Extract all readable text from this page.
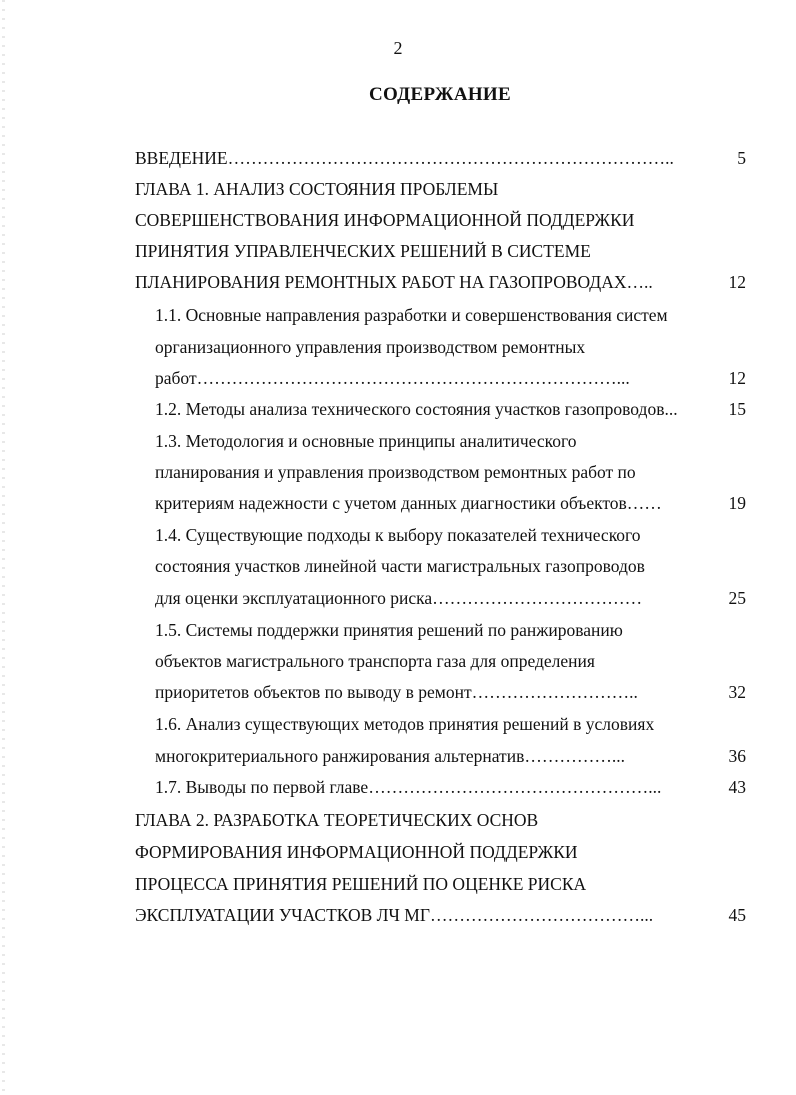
2
СОДЕРЖАНИЕ
ВВЕДЕНИЕ…………………………………………………………………..	5
ГЛАВА 1. АНАЛИЗ СОСТОЯНИЯ ПРОБЛЕМЫ
СОВЕРШЕНСТВОВАНИЯ ИНФОРМАЦИОННОЙ ПОДДЕРЖКИ
ПРИНЯТИЯ УПРАВЛЕНЧЕСКИХ РЕШЕНИЙ В СИСТЕМЕ
ПЛАНИРОВАНИЯ РЕМОНТНЫХ РАБОТ НА ГАЗОПРОВОДАХ…..	12
1.1. Основные направления разработки и совершенствования систем
организационного управления производством ремонтных
работ………………………………………………………………...	12
1.2. Методы анализа технического состояния участков газопроводов...	15
1.3. Методология и основные принципы аналитического
планирования и управления производством ремонтных работ по
критериям надежности с учетом данных диагностики объектов……	19
1.4. Существующие подходы к выбору показателей технического
состояния участков линейной части магистральных газопроводов
для оценки эксплуатационного риска………………………………	25
1.5. Системы поддержки принятия решений по ранжированию
объектов магистрального транспорта газа для определения
приоритетов объектов по выводу в ремонт………………………..	32
1.6. Анализ существующих методов принятия решений в условиях
многокритериального ранжирования альтернатив……………...	36
1.7. Выводы по первой главе…………………………………………...	43
ГЛАВА 2. РАЗРАБОТКА ТЕОРЕТИЧЕСКИХ ОСНОВ
ФОРМИРОВАНИЯ ИНФОРМАЦИОННОЙ ПОДДЕРЖКИ
ПРОЦЕССА ПРИНЯТИЯ РЕШЕНИЙ ПО ОЦЕНКЕ РИСКА
ЭКСПЛУАТАЦИИ УЧАСТКОВ ЛЧ МГ………………………………...	45
